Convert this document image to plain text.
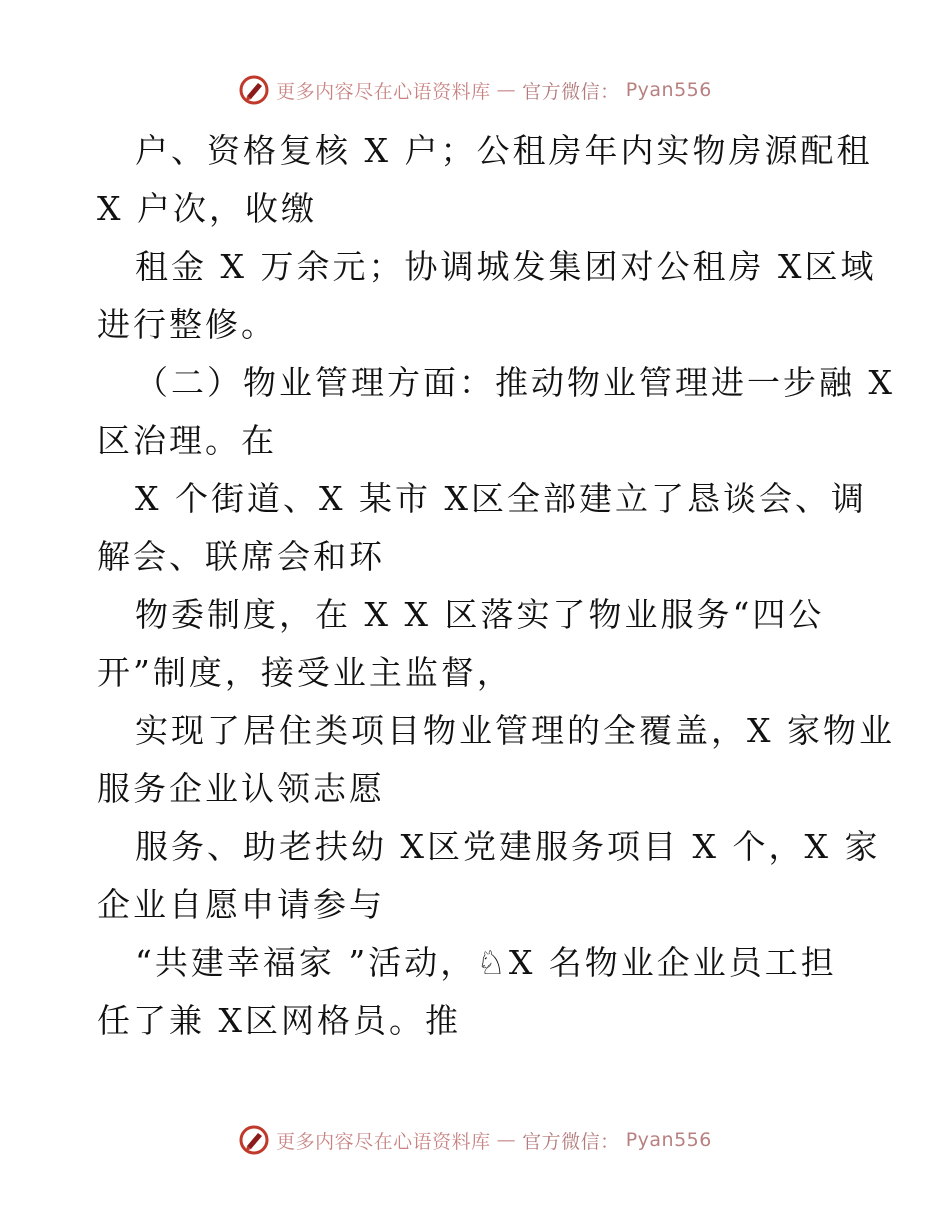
更多内容尽在心语资料库 — 官方微信： Pyan556
户、资格复核 X 户；公租房年内实物房源配租
X 户次，收缴
租金 X 万余元；协调城发集团对公租房 X区域
进行整修。
（二）物业管理方面：推动物业管理进一步融 X
区治理。在
X 个街道、X 某市 X区全部建立了恳谈会、调
解会、联席会和环
物委制度，在 X X 区落实了物业服务“四公
开”制度，接受业主监督，
实现了居住类项目物业管理的全覆盖，X 家物业
服务企业认领志愿
服务、助老扶幼 X区党建服务项目 X 个，X 家
企业自愿申请参与
“共建幸福家 ”活动，♘X 名物业企业员工担
任了兼 X区网格员。推
更多内容尽在心语资料库 — 官方微信： Pyan556
